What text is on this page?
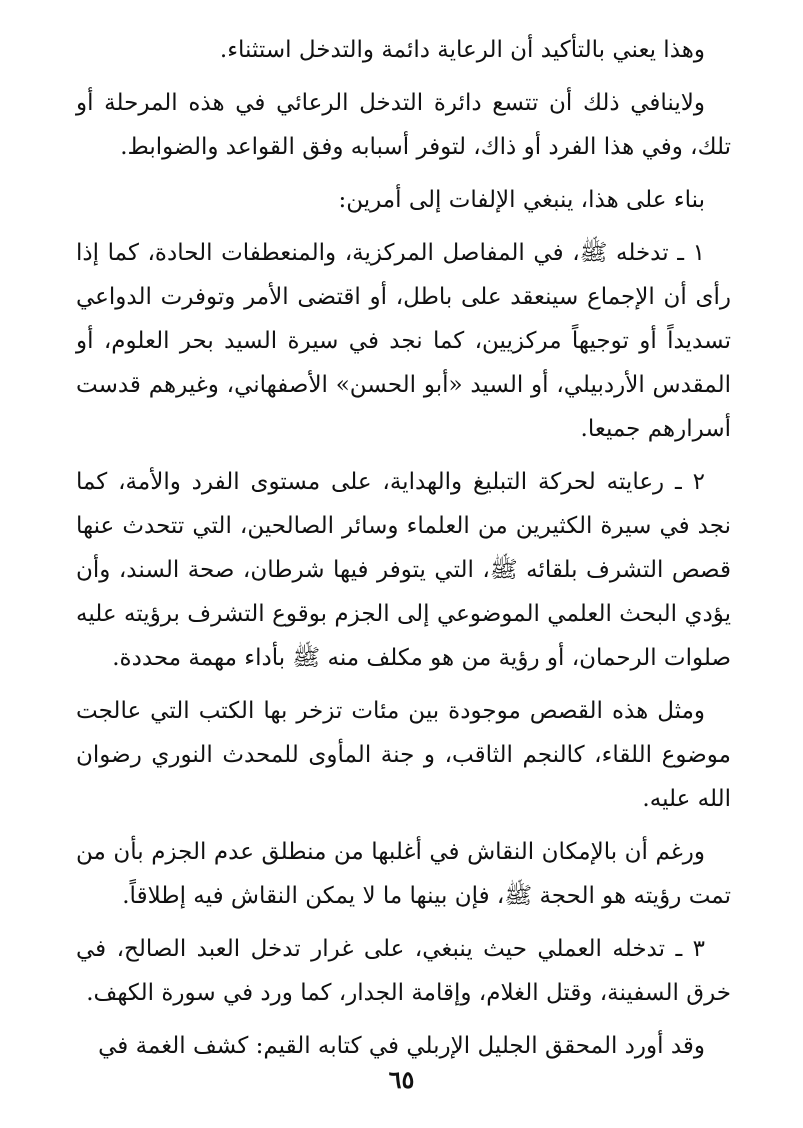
وهذا يعني بالتأكيد أن الرعاية دائمة والتدخل استثناء.

ولاينافي ذلك أن تتسع دائرة التدخل الرعائي في هذه المرحلة أو تلك، وفي هذا الفرد أو ذاك، لتوفر أسبابه وفق القواعد والضوابط.

بناء على هذا، ينبغي الإلفات إلى أمرين:

١ ـ تدخله ﷺ، في المفاصل المركزية، والمنعطفات الحادة، كما إذا رأى أن الإجماع سينعقد على باطل، أو اقتضى الأمر وتوفرت الدواعي تسديداً أو توجيهاً مركزيين، كما نجد في سيرة السيد بحر العلوم، أو المقدس الأردبيلي، أو السيد «أبو الحسن» الأصفهاني، وغيرهم قدست أسرارهم جميعا.

٢ ـ رعايته لحركة التبليغ والهداية، على مستوى الفرد والأمة، كما نجد في سيرة الكثيرين من العلماء وسائر الصالحين، التي تتحدث عنها قصص التشرف بلقائه ﷺ، التي يتوفر فيها شرطان، صحة السند، وأن يؤدي البحث العلمي الموضوعي إلى الجزم بوقوع التشرف برؤيته عليه صلوات الرحمان، أو رؤية من هو مكلف منه ﷺ بأداء مهمة محددة.

ومثل هذه القصص موجودة بين مئات تزخر بها الكتب التي عالجت موضوع اللقاء، كالنجم الثاقب، و جنة المأوى للمحدث النوري رضوان الله عليه.

ورغم أن بالإمكان النقاش في أغلبها من منطلق عدم الجزم بأن من تمت رؤيته هو الحجة ﷺ، فإن بينها ما لا يمكن النقاش فيه إطلاقاً.

٣ ـ تدخله العملي حيث ينبغي، على غرار تدخل العبد الصالح، في خرق السفينة، وقتل الغلام، وإقامة الجدار، كما ورد في سورة الكهف.

وقد أورد المحقق الجليل الإربلي في كتابه القيم: كشف الغمة في

٦٥
